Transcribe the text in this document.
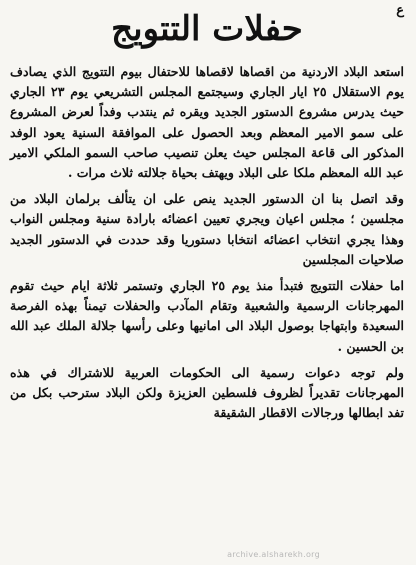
ع
حفلات التتويج

استعد البلاد الاردنية من اقصاها لاقصاها للاحتفال بيوم التتويج الذي يصادف يوم الاستقلال ٢٥ ايار الجاري وسيجتمع المجلس التشريعي يوم ٢٣ الجاري حيث يدرس مشروع الدستور الجديد ويقره ثم ينتدب وفداً لعرض المشروع على سمو الامير المعظم وبعد الحصول على الموافقة السنية يعود الوفد المذكور الى قاعة المجلس حيث يعلن تنصيب صاحب السمو الملكي الامير عبد الله المعظم ملكا على البلاد ويهتف بحياة جلالته ثلاث مرات .

وقد اتصل بنا ان الدستور الجديد ينص على ان يتألف برلمان البلاد من مجلسين ؛ مجلس اعيان ويجري تعيين اعضائه بارادة سنية ومجلس النواب وهذا يجري انتخاب اعضائه انتخابا دستوريا وقد حددت في الدستور الجديد صلاحيات المجلسين

اما حفلات التتويج فتبدأ منذ يوم ٢٥ الجاري وتستمر ثلاثة ايام حيث تقوم المهرجانات الرسمية والشعبية وتقام المآدب والحفلات تيمناً بهذه الفرصة السعيدة وابتهاجا بوصول البلاد الى امانيها وعلى رأسها جلالة الملك عبد الله بن الحسين .

ولم توجه دعوات رسمية الى الحكومات العربية للاشتراك في هذه المهرجانات تقديراً لظروف فلسطين العزيزة ولكن البلاد سترحب بكل من تفد ابطالها ورجالات الاقطار الشقيقة

archive.alsharekh.org
